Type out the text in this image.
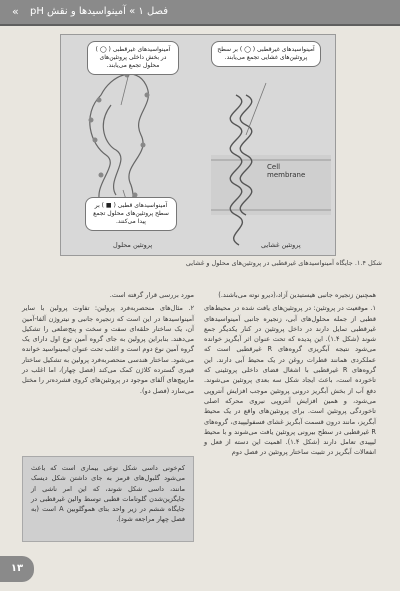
« فصل ۱ » آمینواسیدها و نقش pH
آمینواسیدهای غیرقطبی ( ◯ ) در بخش داخلی پروتئین‌های محلول تجمع می‌یابند.
آمینواسیدهای غیرقطبی ( ◯ ) بر سطح پروتئین‌های غشایی تجمع می‌یابند.
آمینواسیدهای قطبی ( ■ ) بر سطح پروتئین‌های محلول تجمع پیدا می‌کنند.
Cell membrane
پروتئین محلول	پروتئین غشایی
شکل ۱.۴. جایگاه آمینواسیدهای غیرقطبی در پروتئین‌های محلول و غشایی

همچنین زنجیره جانبی هیستیدین آزاد،(دیرو نوته می‌باشند.)

۱. موقعیت در پروتئین: در پروتئین‌های یافت شده در محیط‌های قطبی از جمله محلول‌های آبی، زنجیره جانبی آمینواسیدهای غیرقطبی تمایل دارند در داخل پروتئین در کنار یکدیگر جمع شوند (شکل ۱.۴). این پدیده که تحت عنوان اثر آبگریز خوانده می‌شود نتیجه آبگریزی گروه‌های R غیرقطبی است که عملکردی همانند قطرات روغن در یک محیط آبی دارند. این گروه‌های R غیرقطبی با اشغال فضای داخلی پروتئینی که تاخورده است، باعث ایجاد شکل سه بعدی پروتئین می‌شوند. دفع آب از بخش آبگریز درونی پروتئین موجب افزایش آنتروپی می‌شود، و همین افزایش آنتروپی نیروی محرکه اصلی تاخوردگی پروتئین است. برای پروتئین‌های واقع در یک محیط آبگریز، مانند درون قسمت آبگریز غشای فسفولیپیدی، گروه‌های R غیرقطبی در سطح بیرونی پروتئین یافت می‌شوند و با محیط لیپیدی تعامل دارند (شکل ۱.۴). اهمیت این دسته از فعل و انفعالات آبگریز در تثبیت ساختار پروتئین در فصل دوم

مورد بررسی قرار گرفته است.

۲. مثال‌های منحصربه‌فرد پرولین: تفاوت پرولین با سایر آمینواسیدها در این است که زنجیره جانبی و نیتروژن آلفا-آمین آن، یک ساختار حلقه‌ای سفت و سخت و پنج‌ضلعی را تشکیل می‌دهند. بنابراین پرولین به جای گروه آمین نوع اول دارای یک گروه آمین نوع دوم است و اغلب تحت عنوان ایمینواسید خوانده می‌شود. ساختار هندسی منحصربه‌فرد پرولین به تشکیل ساختار فیبری گسترده کلاژن کمک می‌کند (فصل چهار)، اما اغلب در مارپیچ‌های آلفای موجود در پروتئین‌های کروی فشرده‌تر را مختل می‌سازد (فصل دو).

کم‌خونی داسی شکل نوعی بیماری است که باعث می‌شود گلبول‌های قرمز به جای داشتن شکل دیسک مانند، داسی شکل شوند، که این امر ناشی از جایگزین‌شدن گلوتامات قطبی توسط والین غیرقطبی در جایگاه ششم در زیر واحد بتای هموگلوبین A است (به فصل چهار مراجعه شود).
۱۳
